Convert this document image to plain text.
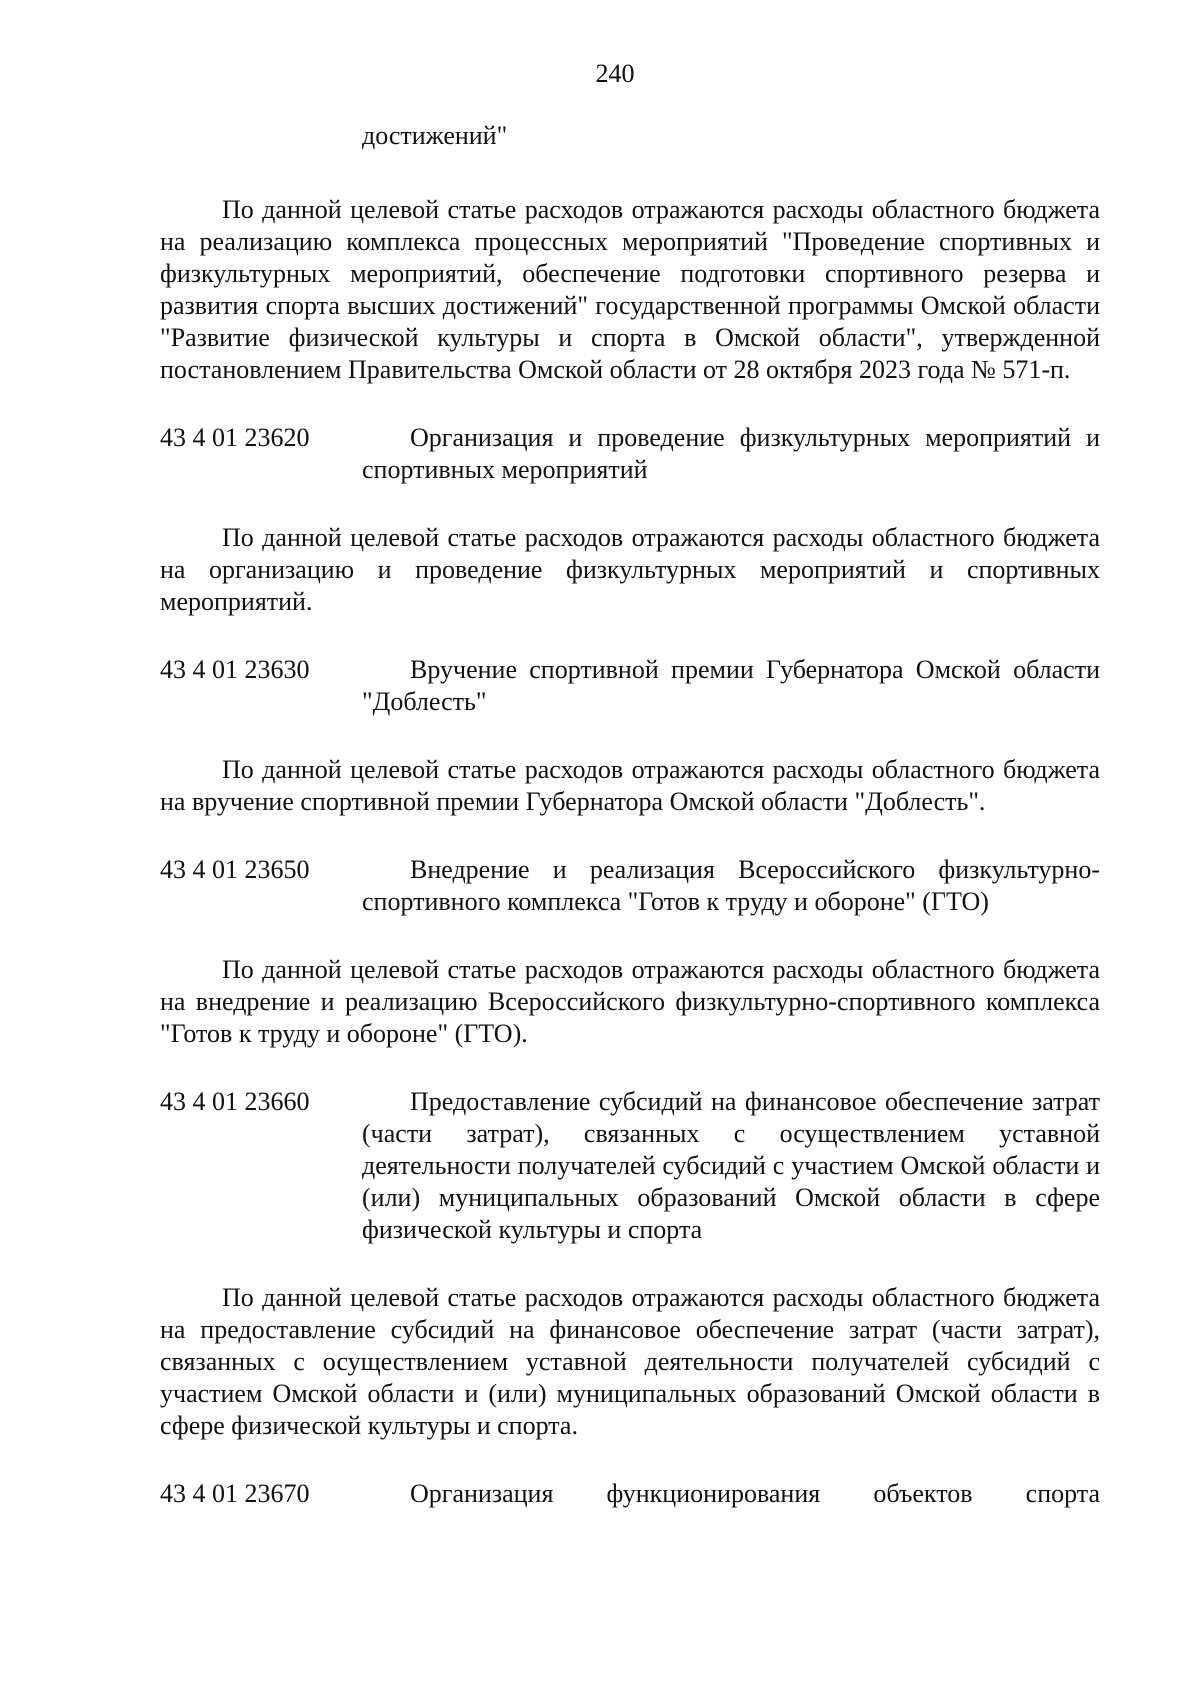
240
достижений"

По данной целевой статье расходов отражаются расходы областного бюджета на реализацию комплекса процессных мероприятий "Проведение спортивных и физкультурных мероприятий, обеспечение подготовки спортивного резерва и развития спорта высших достижений" государственной программы Омской области "Развитие физической культуры и спорта в Омской области", утвержденной постановлением Правительства Омской области от 28 октября 2023 года № 571-п.

43 4 01 23620	Организация и проведение физкультурных мероприятий и спортивных мероприятий

По данной целевой статье расходов отражаются расходы областного бюджета на организацию и проведение физкультурных мероприятий и спортивных мероприятий.

43 4 01 23630	Вручение спортивной премии Губернатора Омской области "Доблесть"

По данной целевой статье расходов отражаются расходы областного бюджета на вручение спортивной премии Губернатора Омской области "Доблесть".

43 4 01 23650	Внедрение и реализация Всероссийского физкультурно-спортивного комплекса "Готов к труду и обороне" (ГТО)

По данной целевой статье расходов отражаются расходы областного бюджета на внедрение и реализацию Всероссийского физкультурно-спортивного комплекса "Готов к труду и обороне" (ГТО).

43 4 01 23660	Предоставление субсидий на финансовое обеспечение затрат (части затрат), связанных с осуществлением уставной деятельности получателей субсидий с участием Омской области и (или) муниципальных образований Омской области в сфере физической культуры и спорта

По данной целевой статье расходов отражаются расходы областного бюджета на предоставление субсидий на финансовое обеспечение затрат (части затрат), связанных с осуществлением уставной деятельности получателей субсидий с участием Омской области и (или) муниципальных образований Омской области в сфере физической культуры и спорта.

43 4 01 23670	Организация функционирования объектов спорта
